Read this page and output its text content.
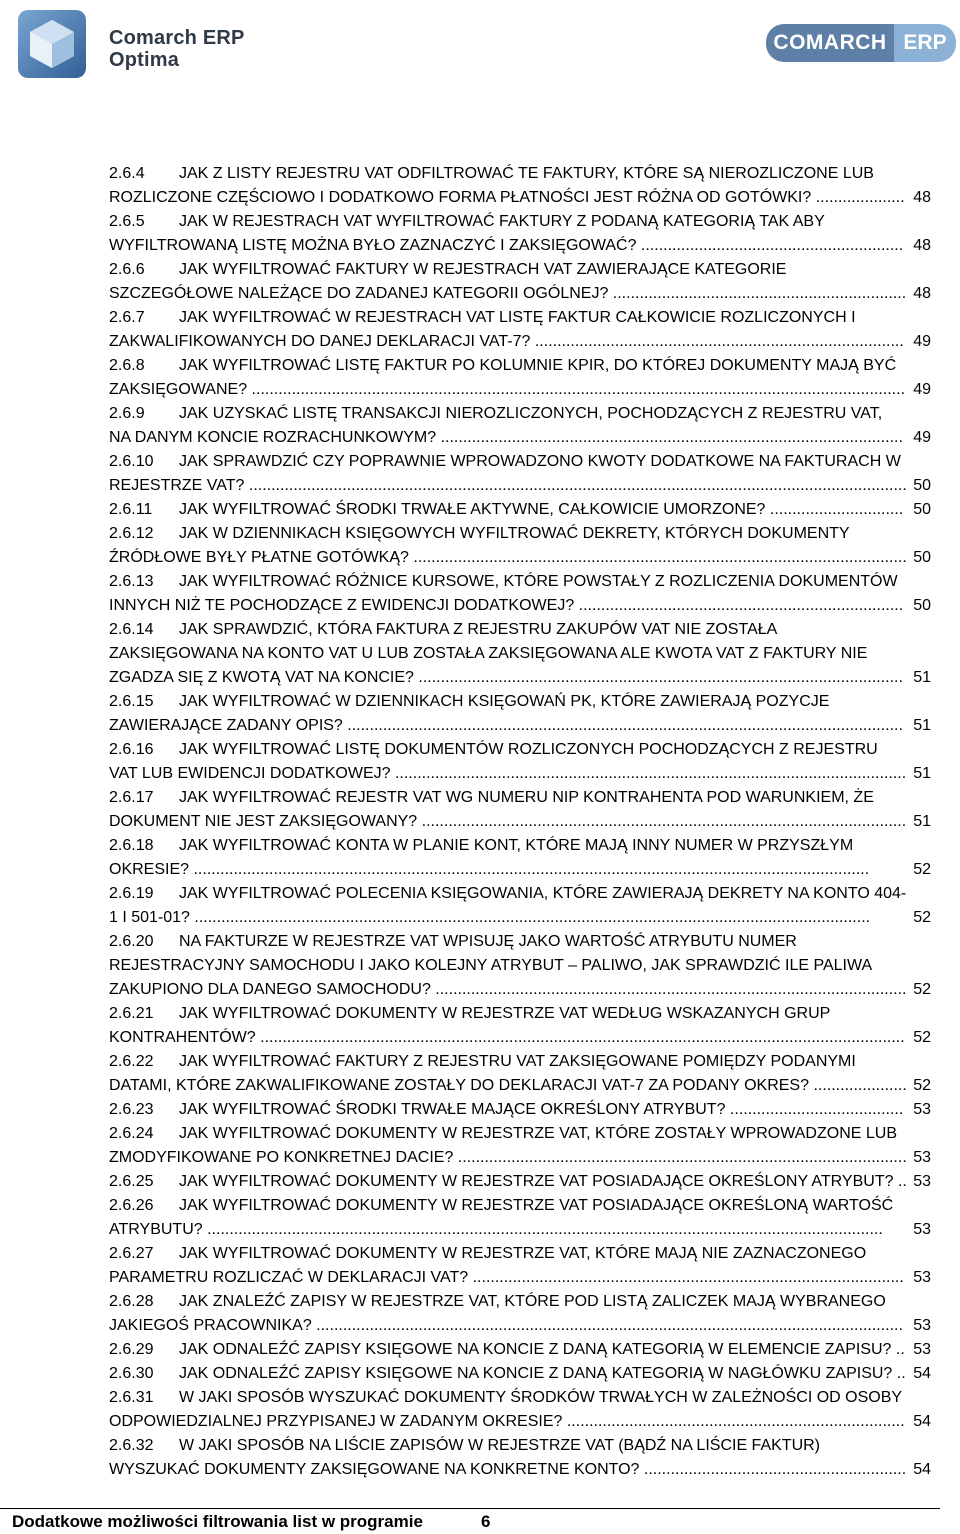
Comarch ERP
Optima
COMARCH ERP
2.6.4 JAK Z LISTY REJESTRU VAT ODFILTROWAĆ TE FAKTURY, KTÓRE SĄ NIEROZLICZONE LUB ROZLICZONE CZĘŚCIOWO I DODATKOWO FORMA PŁATNOŚCI JEST RÓŻNA OD GOTÓWKI? .................... 48
2.6.5 JAK W REJESTRACH VAT WYFILTROWAĆ FAKTURY Z PODANĄ KATEGORIĄ TAK ABY WYFILTROWANĄ LISTĘ MOŻNA BYŁO ZAZNACZYĆ I ZAKSIĘGOWAĆ? ........................................................... 48
2.6.6 JAK WYFILTROWAĆ FAKTURY W REJESTRACH VAT ZAWIERAJĄCE KATEGORIE SZCZEGÓŁOWE NALEŻĄCE DO ZADANEJ KATEGORII OGÓLNEJ? .................................................................. 48
2.6.7 JAK WYFILTROWAĆ W REJESTRACH VAT LISTĘ FAKTUR CAŁKOWICIE ROZLICZONYCH I ZAKWALIFIKOWANYCH DO DANEJ DEKLARACJI VAT-7? ................................................................................... 49
2.6.8 JAK WYFILTROWAĆ LISTĘ FAKTUR PO KOLUMNIE KPIR, DO KTÓREJ DOKUMENTY MAJĄ BYĆ ZAKSIĘGOWANE? ................................................................................................................................................... 49
2.6.9 JAK UZYSKAĆ LISTĘ TRANSAKCJI NIEROZLICZONYCH, POCHODZĄCYCH Z REJESTRU VAT, NA DANYM KONCIE ROZRACHUNKOWYM? ........................................................................................................ 49
2.6.10 JAK SPRAWDZIĆ CZY POPRAWNIE WPROWADZONO KWOTY DODATKOWE NA FAKTURACH W REJESTRZE VAT? .................................................................................................................................................... 50
2.6.11 JAK WYFILTROWAĆ ŚRODKI TRWAŁE AKTYWNE, CAŁKOWICIE UMORZONE? .............................. 50
2.6.12 JAK W DZIENNIKACH KSIĘGOWYCH WYFILTROWAĆ DEKRETY, KTÓRYCH DOKUMENTY ŹRÓDŁOWE BYŁY PŁATNE GOTÓWKĄ? ............................................................................................................... 50
2.6.13 JAK WYFILTROWAĆ RÓŻNICE KURSOWE, KTÓRE POWSTAŁY Z ROZLICZENIA DOKUMENTÓW INNYCH NIŻ TE POCHODZĄCE Z EWIDENCJI DODATKOWEJ? ......................................................................... 50
2.6.14 JAK SPRAWDZIĆ, KTÓRA FAKTURA Z REJESTRU ZAKUPÓW VAT NIE ZOSTAŁA ZAKSIĘGOWANA NA KONTO VAT U LUB ZOSTAŁA ZAKSIĘGOWANA ALE KWOTA VAT Z FAKTURY NIE ZGADZA SIĘ Z KWOTĄ VAT NA KONCIE? ............................................................................................................. 51
2.6.15 JAK WYFILTROWAĆ W DZIENNIKACH KSIĘGOWAŃ PK, KTÓRE ZAWIERAJĄ POZYCJE ZAWIERAJĄCE ZADANY OPIS? ............................................................................................................................. 51
2.6.16 JAK WYFILTROWAĆ LISTĘ DOKUMENTÓW ROZLICZONYCH POCHODZĄCYCH Z REJESTRU VAT LUB EWIDENCJI DODATKOWEJ? ................................................................................................................... 51
2.6.17 JAK WYFILTROWAĆ REJESTR VAT WG NUMERU NIP KONTRAHENTA POD WARUNKIEM, ŻE DOKUMENT NIE JEST ZAKSIĘGOWANY? ............................................................................................................. 51
2.6.18 JAK WYFILTROWAĆ KONTA W PLANIE KONT, KTÓRE MAJĄ INNY NUMER W PRZYSZŁYM OKRESIE? ........................................................................................................................................................	52
2.6.19 JAK WYFILTROWAĆ POLECENIA KSIĘGOWANIA, KTÓRE ZAWIERAJĄ DEKRETY NA KONTO 404-1 I 501-01? ........................................................................................................................................................	52
2.6.20 NA FAKTURZE W REJESTRZE VAT WPISUJĘ JAKO WARTOŚĆ ATRYBUTU NUMER REJESTRACYJNY SAMOCHODU I JAKO KOLEJNY ATRYBUT – PALIWO, JAK SPRAWDZIĆ ILE PALIWA ZAKUPIONO DLA DANEGO SAMOCHODU? .......................................................................................................... 52
2.6.21 JAK WYFILTROWAĆ DOKUMENTY W REJESTRZE VAT WEDŁUG WSKAZANYCH GRUP KONTRAHENTÓW? ................................................................................................................................................. 52
2.6.22 JAK WYFILTROWAĆ FAKTURY Z REJESTRU VAT ZAKSIĘGOWANE POMIĘDZY PODANYMI DATAMI, KTÓRE ZAKWALIFIKOWANE ZOSTAŁY DO DEKLARACJI VAT-7 ZA PODANY OKRES? ..................... 52
2.6.23 JAK WYFILTROWAĆ ŚRODKI TRWAŁE MAJĄCE OKREŚLONY ATRYBUT? ....................................... 53
2.6.24 JAK WYFILTROWAĆ DOKUMENTY W REJESTRZE VAT, KTÓRE ZOSTAŁY WPROWADZONE LUB ZMODYFIKOWANE PO KONKRETNEJ DACIE? ..................................................................................................... 53
2.6.25 JAK WYFILTROWAĆ DOKUMENTY W REJESTRZE VAT POSIADAJĄCE OKREŚLONY ATRYBUT? .. 53
2.6.26 JAK WYFILTROWAĆ DOKUMENTY W REJESTRZE VAT POSIADAJĄCE OKREŚLONĄ WARTOŚĆ ATRYBUTU? ........................................................................................................................................................ 53
2.6.27 JAK WYFILTROWAĆ DOKUMENTY W REJESTRZE VAT, KTÓRE MAJĄ NIE ZAZNACZONEGO PARAMETRU ROZLICZAĆ W DEKLARACJI VAT? ................................................................................................. 53
2.6.28 JAK ZNALEŹĆ ZAPISY W REJESTRZE VAT, KTÓRE POD LISTĄ ZALICZEK MAJĄ WYBRANEGO JAKIEGOŚ PRACOWNIKA? .................................................................................................................................... 53
2.6.29 JAK ODNALEŹĆ ZAPISY KSIĘGOWE NA KONCIE Z DANĄ KATEGORIĄ W ELEMENCIE ZAPISU? .. 53
2.6.30 JAK ODNALEŹĆ ZAPISY KSIĘGOWE NA KONCIE Z DANĄ KATEGORIĄ W NAGŁÓWKU ZAPISU? .. 54
2.6.31 W JAKI SPOSÓB WYSZUKAĆ DOKUMENTY ŚRODKÓW TRWAŁYCH W ZALEŻNOŚCI OD OSOBY ODPOWIEDZIALNEJ PRZYPISANEJ W ZADANYM OKRESIE? ............................................................................ 54
2.6.32 W JAKI SPOSÓB NA LIŚCIE ZAPISÓW W REJESTRZE VAT (BĄDŹ NA LIŚCIE FAKTUR) WYSZUKAĆ DOKUMENTY ZAKSIĘGOWANE NA KONKRETNE KONTO? ........................................................... 54
Dodatkowe możliwości filtrowania list w programie	6
